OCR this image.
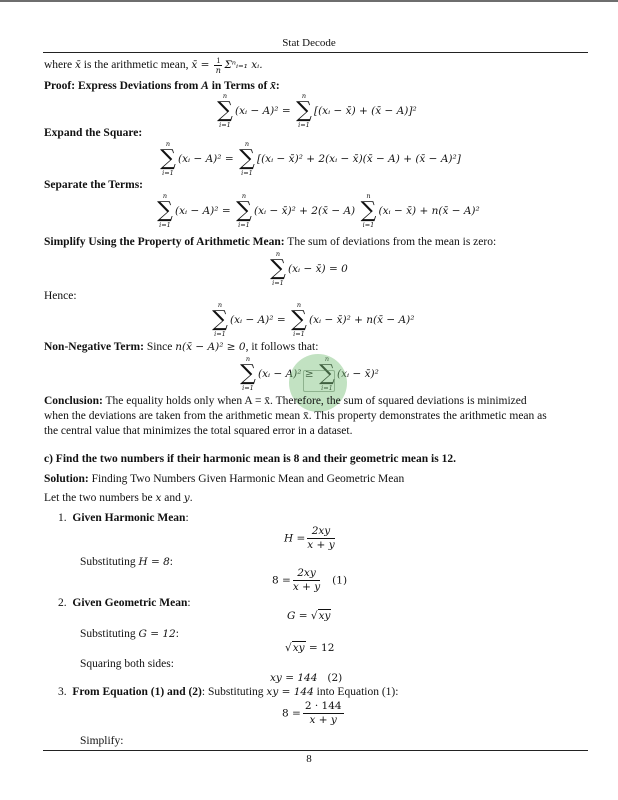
Stat Decode
where x̄ is the arithmetic mean, x̄ = $\frac{1}{n}$ Σⁿᵢ₌₁ xᵢ.
Proof: Express Deviations from A in Terms of x̄:
n
∑
i=1
(xᵢ − A)² =
n
∑
i=1
[(xᵢ − x̄) + (x̄ − A)]²
Expand the Square:
n
∑
i=1
(xᵢ − A)² =
n
∑
i=1
[(xᵢ − x̄)² + 2(xᵢ − x̄)(x̄ − A) + (x̄ − A)²]
Separate the Terms:
n
∑
i=1
(xᵢ − A)² =
n
∑
i=1
(xᵢ − x̄)² + 2(x̄ − A)
n
∑
i=1
(xᵢ − x̄) + n(x̄ − A)²
Simplify Using the Property of Arithmetic Mean: The sum of deviations from the mean is zero:
n
∑
i=1
(xᵢ − x̄) = 0
Hence:
n
∑
i=1
(xᵢ − A)² =
n
∑
i=1
(xᵢ − x̄)² + n(x̄ − A)²
Non-Negative Term: Since n(x̄ − A)² ≥ 0, it follows that:
n
∑
i=1
(xᵢ − A)² ≥
n
∑
i=1
(xᵢ − x̄)²
Conclusion: The equality holds only when A = x̄. Therefore, the sum of squared deviations is minimized
when the deviations are taken from the arithmetic mean x̄. This property demonstrates the arithmetic mean as
the central value that minimizes the total squared error in a dataset.
c) Find the two numbers if their harmonic mean is 8 and their geometric mean is 12.
Solution: Finding Two Numbers Given Harmonic Mean and Geometric Mean
Let the two numbers be x and y.
1. Given Harmonic Mean:
$H = \frac{2xy}{x + y}$
Substituting H = 8:
$8 = \frac{2xy}{x + y} (1)$
2. Given Geometric Mean:
G = √xy
Substituting G = 12:
√xy = 12
Squaring both sides:
xy = 144 (2)
3. From Equation (1) and (2): Substituting xy = 144 into Equation (1):
$8 = \frac{2 \cdot 144}{x + y}$
Simplify:
8
